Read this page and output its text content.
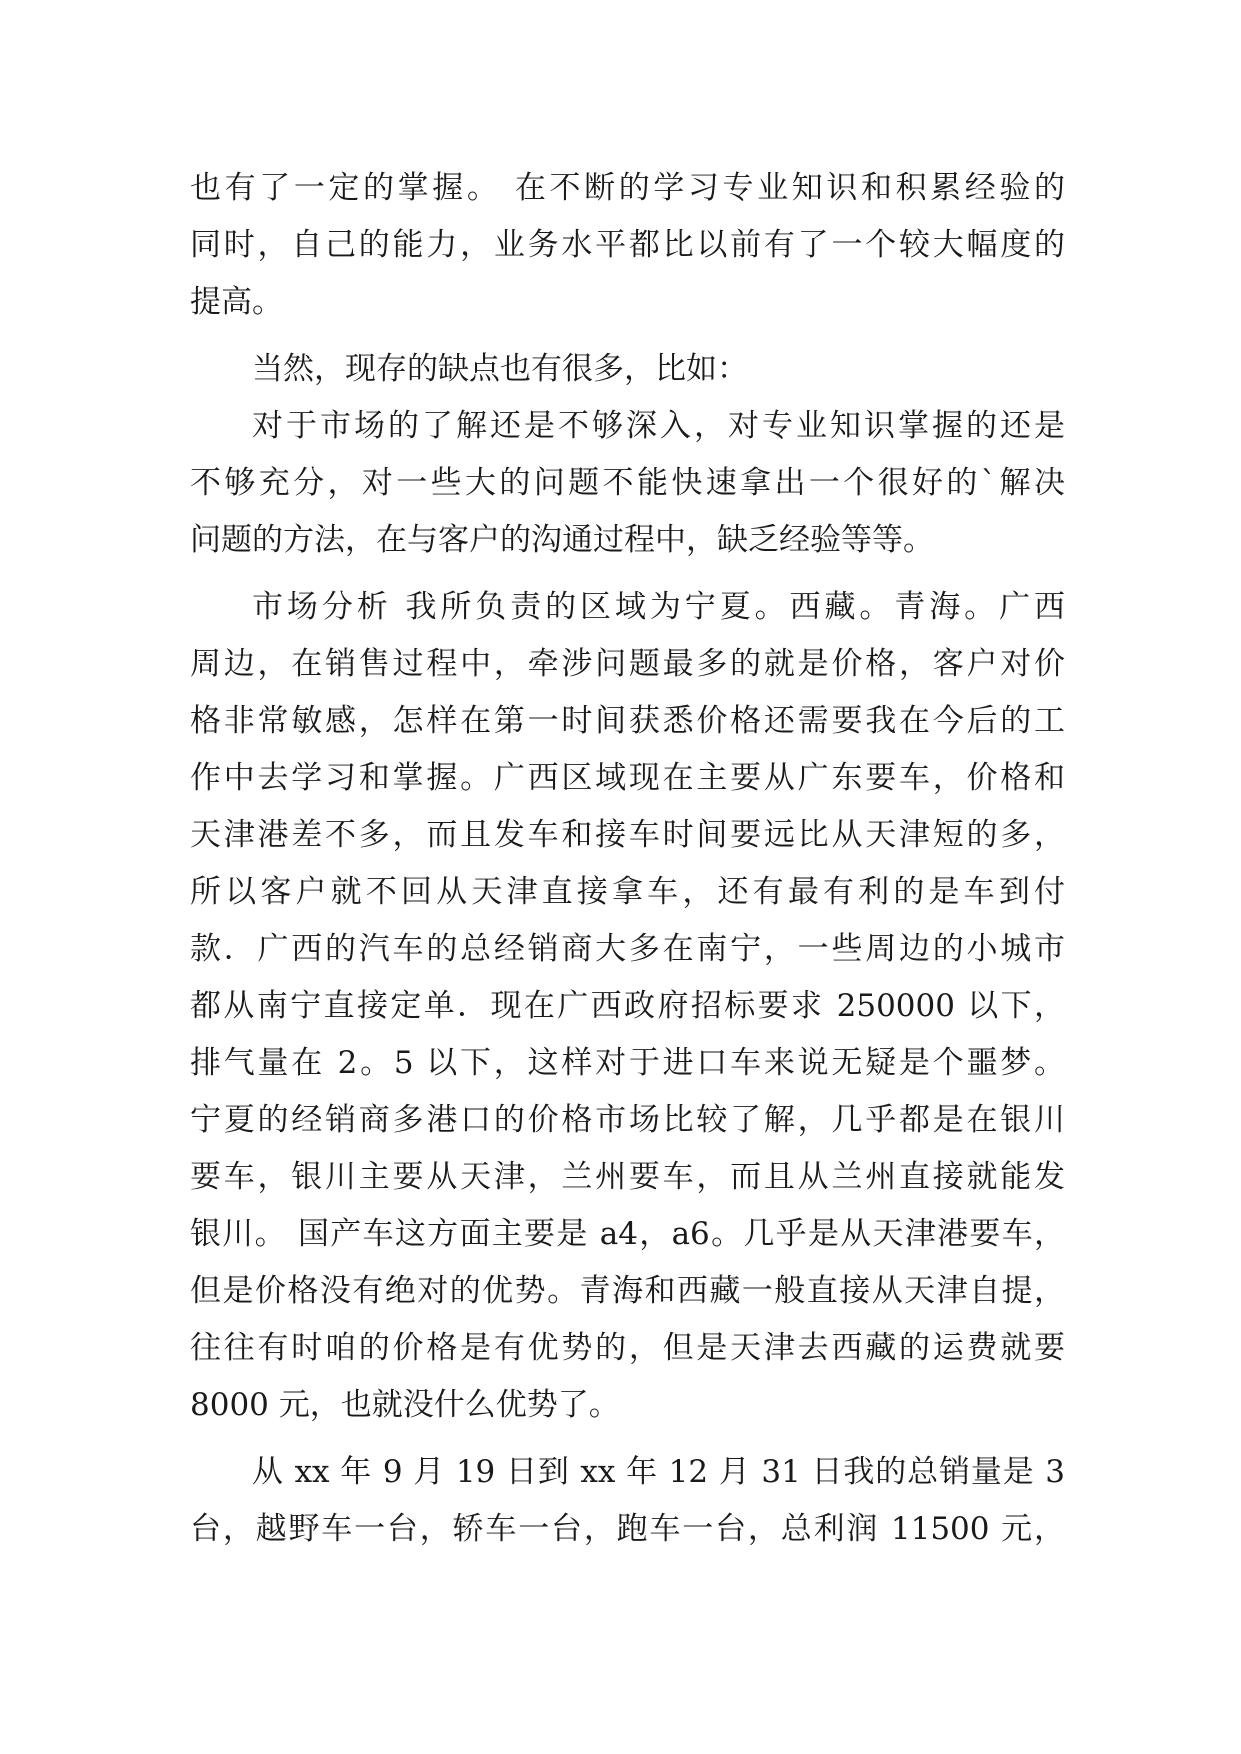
也有了一定的掌握。 在不断的学习专业知识和积累经验的
同时，自己的能力，业务水平都比以前有了一个较大幅度的
提高。
当然，现存的缺点也有很多，比如：
对于市场的了解还是不够深入，对专业知识掌握的还是
不够充分，对一些大的问题不能快速拿出一个很好的`解决
问题的方法，在与客户的沟通过程中，缺乏经验等等。
市场分析 我所负责的区域为宁夏。西藏。青海。广西
周边，在销售过程中，牵涉问题最多的就是价格，客户对价
格非常敏感，怎样在第一时间获悉价格还需要我在今后的工
作中去学习和掌握。广西区域现在主要从广东要车，价格和
天津港差不多，而且发车和接车时间要远比从天津短的多，
所以客户就不回从天津直接拿车，还有最有利的是车到付
款．广西的汽车的总经销商大多在南宁，一些周边的小城市
都从南宁直接定单．现在广西政府招标要求 250000 以下，
排气量在 2。5 以下，这样对于进口车来说无疑是个噩梦。
宁夏的经销商多港口的价格市场比较了解，几乎都是在银川
要车，银川主要从天津，兰州要车，而且从兰州直接就能发
银川。 国产车这方面主要是 a4，a6。几乎是从天津港要车，
但是价格没有绝对的优势。青海和西藏一般直接从天津自提，
往往有时咱的价格是有优势的，但是天津去西藏的运费就要
8000 元，也就没什么优势了。
从 xx 年 9 月 19 日到 xx 年 12 月 31 日我的总销量是 3
台，越野车一台，轿车一台，跑车一台，总利润 11500 元，
